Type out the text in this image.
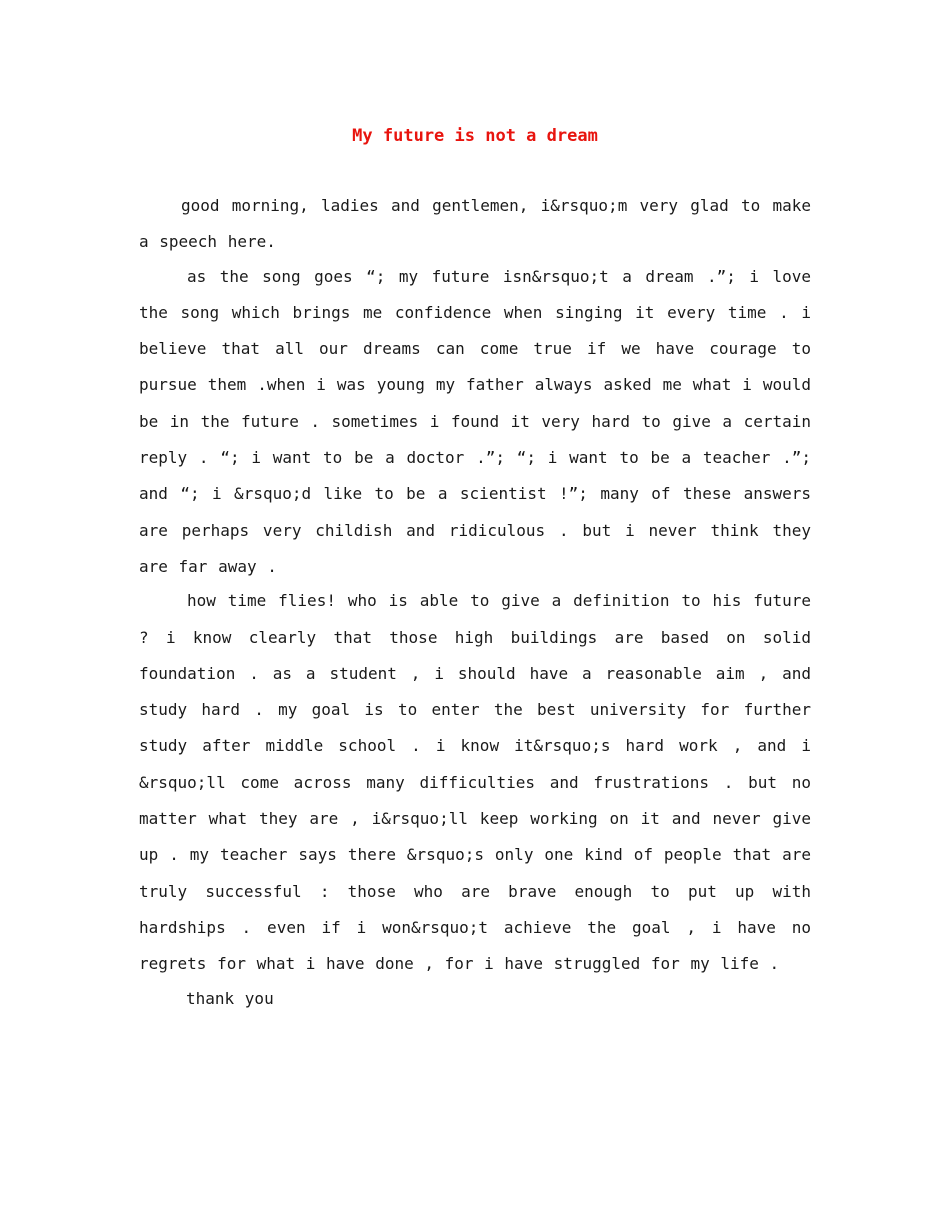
My future is not a dream

good morning, ladies and gentlemen, i&rsquo;m very glad to make a speech here.

as the song goes “; my future isn&rsquo;t a dream .”; i love the song which brings me confidence when singing it every time . i believe that all our dreams can come true if we have courage to pursue them .when i was young my father always asked me what i would be in the future . sometimes i found it very hard to give a certain reply . “; i want to be a doctor .”; “; i want to be a teacher .”; and “; i &rsquo;d like to be a scientist !”; many of these answers are perhaps very childish and ridiculous . but i never think they are far away .

how time flies! who is able to give a definition to his future ? i know clearly that those high buildings are based on solid foundation . as a student , i should have a reasonable aim , and study hard . my goal is to enter the best university for further study after middle school . i know it&rsquo;s hard work , and i &rsquo;ll come across many difficulties and frustrations . but no matter what they are , i&rsquo;ll keep working on it and never give up . my teacher says there &rsquo;s only one kind of people that are truly successful : those who are brave enough to put up with hardships . even if i won&rsquo;t achieve the goal , i have no regrets for what i have done , for i have struggled for my life .

thank you
